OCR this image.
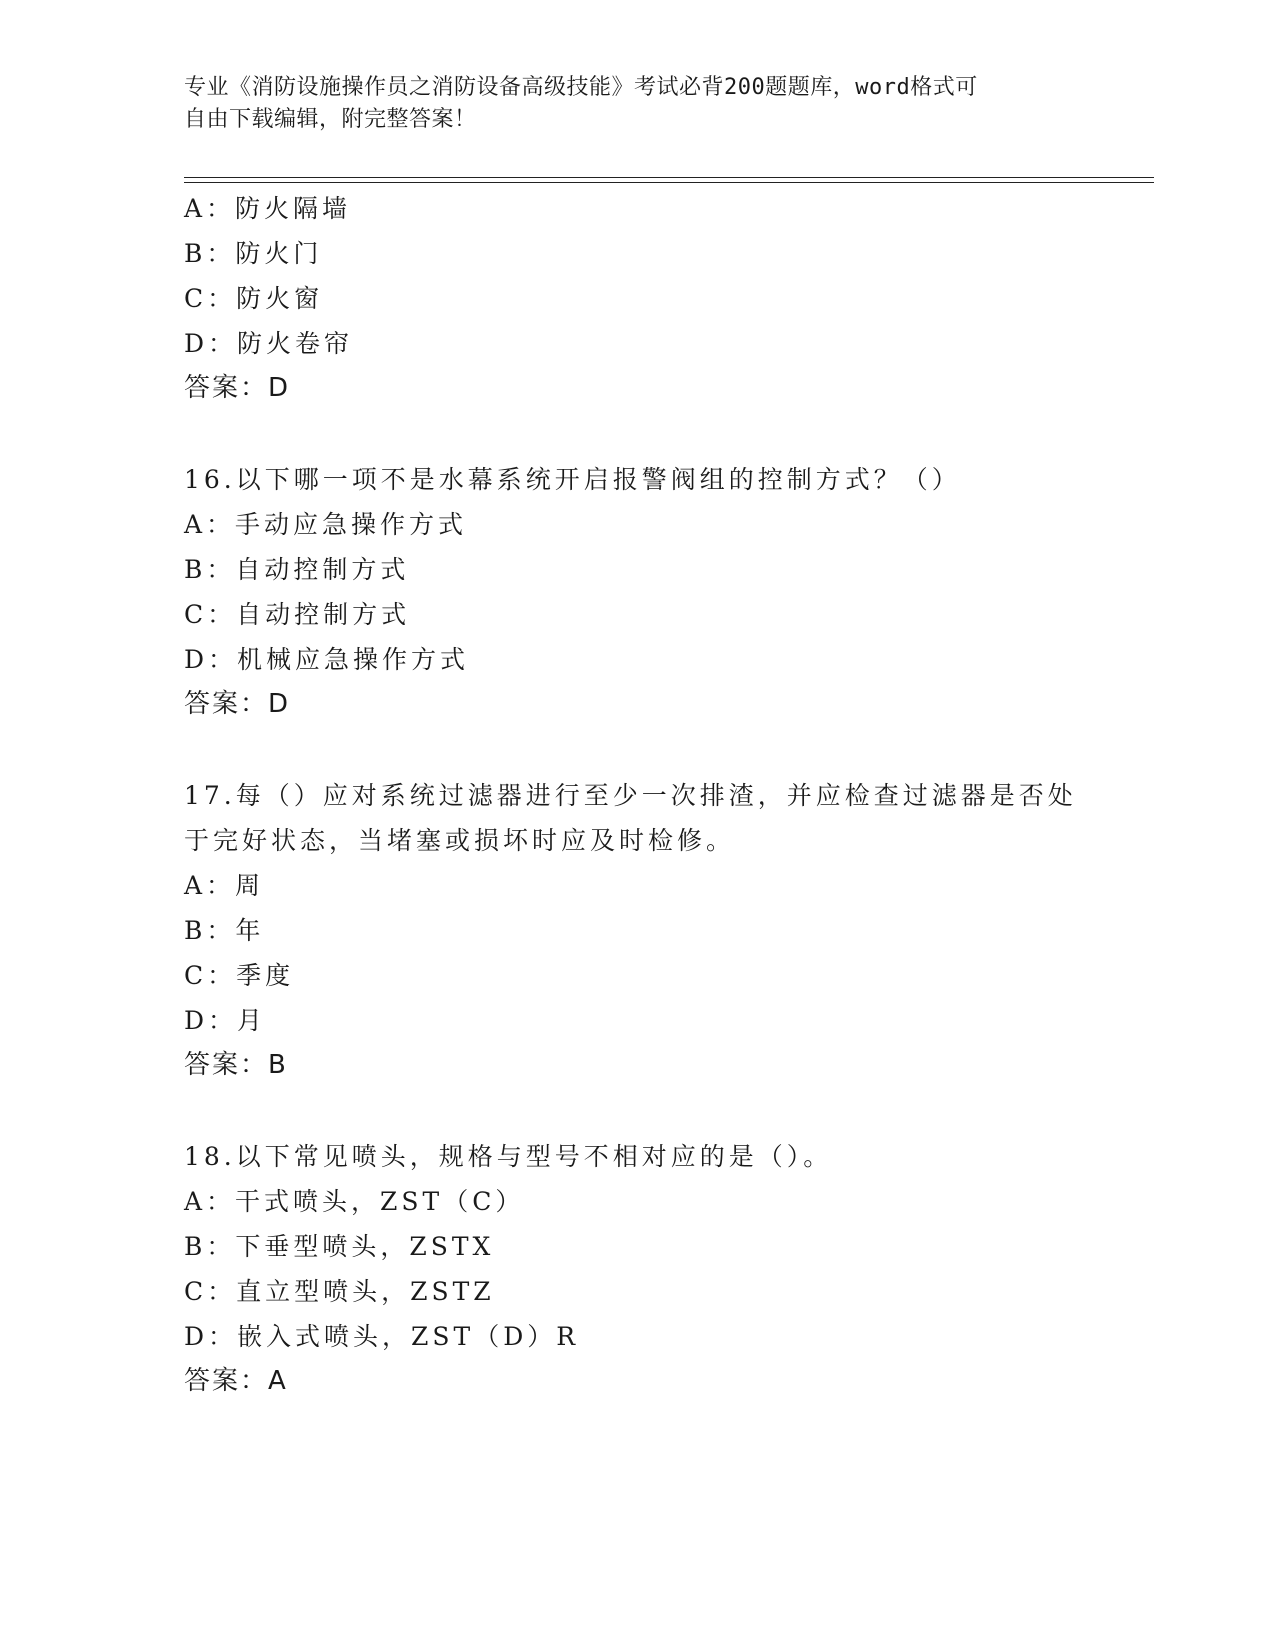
专业《消防设施操作员之消防设备高级技能》考试必背200题题库，word格式可
自由下载编辑，附完整答案！
A：防火隔墙
B：防火门
C：防火窗
D：防火卷帘
答案：D
16.以下哪一项不是水幕系统开启报警阀组的控制方式？（）
A：手动应急操作方式
B：自动控制方式
C：自动控制方式
D：机械应急操作方式
答案：D
17.每（）应对系统过滤器进行至少一次排渣，并应检查过滤器是否处
于完好状态，当堵塞或损坏时应及时检修。
A：周
B：年
C：季度
D：月
答案：B
18.以下常见喷头，规格与型号不相对应的是（）。
A：干式喷头，ZST（C）
B：下垂型喷头，ZSTX
C：直立型喷头，ZSTZ
D：嵌入式喷头，ZST（D）R
答案：A
